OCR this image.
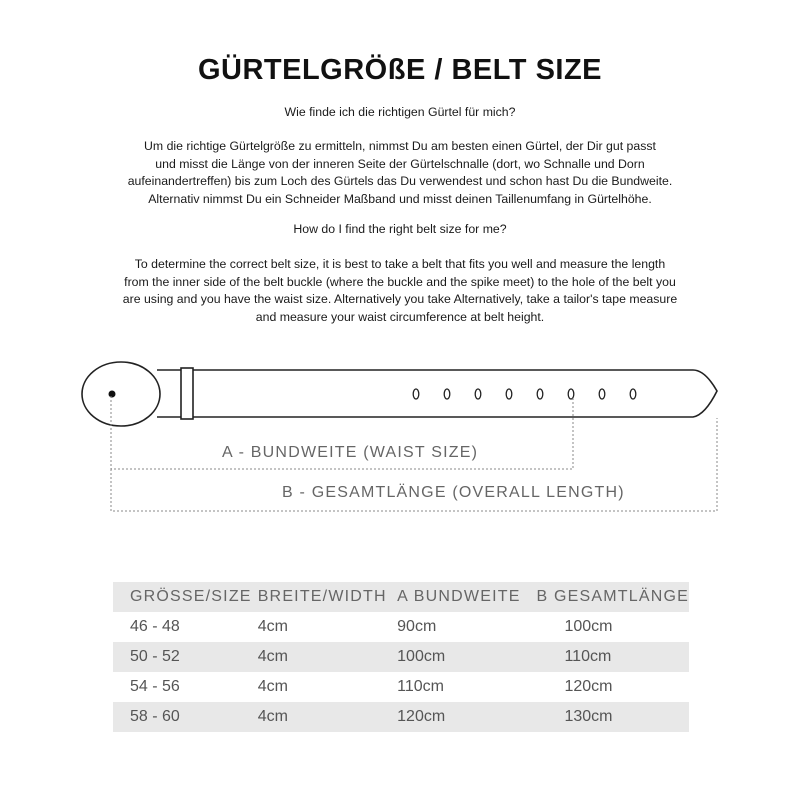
GÜRTELGRÖßE / BELT SIZE
Wie finde ich die richtigen Gürtel für mich?
Um die richtige Gürtelgröße zu ermitteln, nimmst Du am besten einen Gürtel, der Dir gut passt
und misst die Länge von der inneren Seite der Gürtelschnalle (dort, wo Schnalle und Dorn
aufeinandertreffen) bis zum Loch des Gürtels das Du verwendest und schon hast Du die Bundweite.
Alternativ nimmst Du ein Schneider Maßband und misst deinen Taillenumfang in Gürtelhöhe.
How do I find the right belt size for me?
To determine the correct belt size, it is best to take a belt that fits you well and measure the length
from the inner side of the belt buckle (where the buckle and the spike meet) to the hole of the belt you
are using and you have the waist size. Alternatively you take Alternatively, take a tailor's tape measure
and measure your waist circumference at belt height.
A - BUNDWEITE (WAIST SIZE)
B - GESAMTLÄNGE (OVERALL LENGTH)
GRÖSSE/SIZE	BREITE/WIDTH	A BUNDWEITE	B GESAMTLÄNGE
46 - 48	4cm	90cm	100cm
50 - 52	4cm	100cm	110cm
54 - 56	4cm	110cm	120cm
58 - 60	4cm	120cm	130cm
